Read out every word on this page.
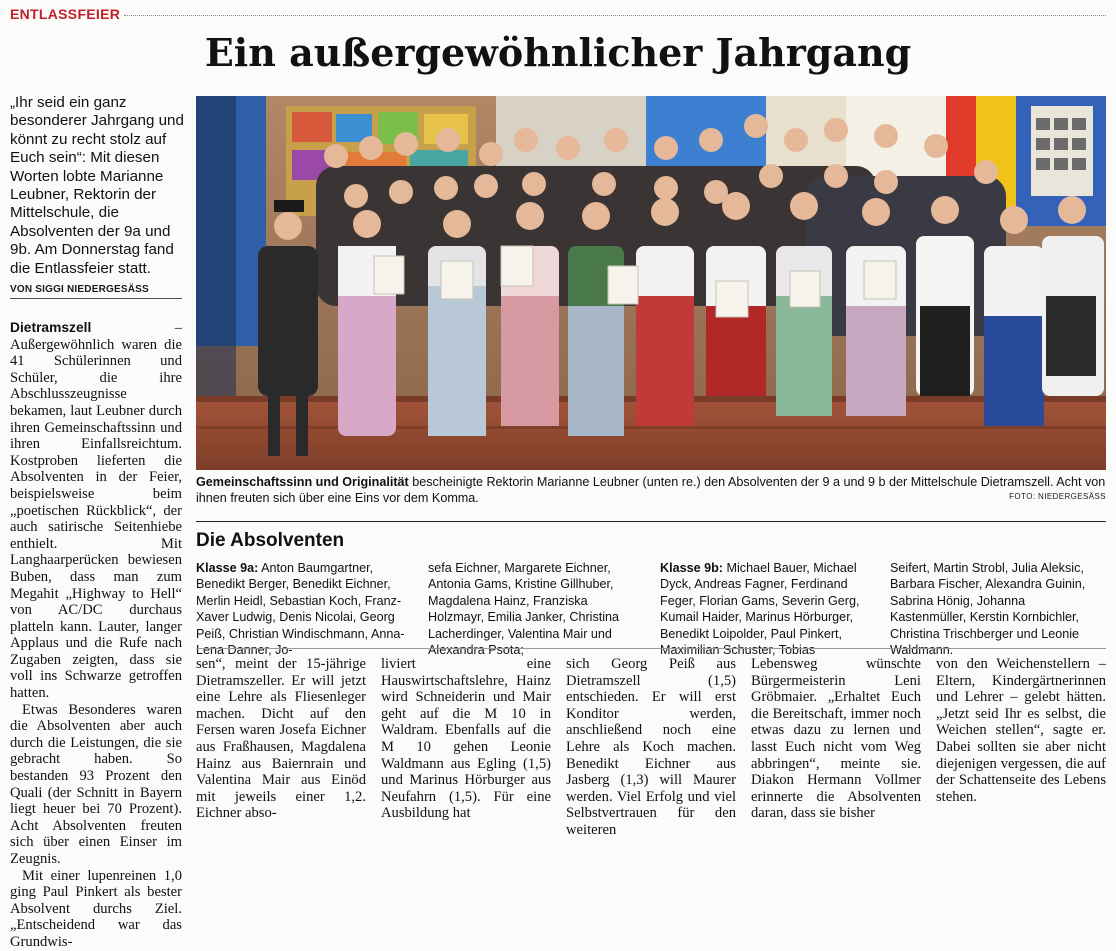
ENTLASSFEIER
Ein außergewöhnlicher Jahrgang
„Ihr seid ein ganz besonderer Jahrgang und könnt zu recht stolz auf Euch sein“: Mit diesen Worten lobte Marianne Leubner, Rektorin der Mittelschule, die Absolventen der 9a und 9b. Am Donnerstag fand die Entlassfeier statt.
VON SIGGI NIEDERGESÄSS

Dietramszell – Außergewöhnlich waren die 41 Schülerinnen und Schüler, die ihre Abschlusszeugnisse bekamen, laut Leubner durch ihren Gemeinschaftssinn und ihren Einfallsreichtum. Kostproben lieferten die Absolventen in der Feier, beispielsweise beim „poetischen Rückblick“, der auch satirische Seitenhiebe enthielt. Mit Langhaarperücken bewiesen Buben, dass man zum Megahit „Highway to Hell“ von AC/DC durchaus platteln kann. Lauter, langer Applaus und die Rufe nach Zugaben zeigten, dass sie voll ins Schwarze getroffen hatten.

Etwas Besonderes waren die Absolventen aber auch durch die Leistungen, die sie gebracht haben. So bestanden 93 Prozent den Quali (der Schnitt in Bayern liegt heuer bei 70 Prozent). Acht Absolventen freuten sich über einen Einser im Zeugnis.

Mit einer lupenreinen 1,0 ging Paul Pinkert als bester Absolvent durchs Ziel. „Entscheidend war das Grundwis-

Gemeinschaftssinn und Originalität bescheinigte Rektorin Marianne Leubner (unten re.) den Absolventen der 9 a und 9 b der Mittelschule Dietramszell. Acht von ihnen freuten sich über eine Eins vor dem Komma.	FOTO: NIEDERGESÄSS
Die Absolventen
Klasse 9a: Anton Baumgartner, Benedikt Berger, Benedikt Eichner, Merlin Heidl, Sebastian Koch, Franz-Xaver Ludwig, Denis Nicolai, Georg Peiß, Christian Windischmann, Anna-Lena Danner, Jo-
sefa Eichner, Margarete Eichner, Antonia Gams, Kristine Gillhuber, Magdalena Hainz, Franziska Holzmayr, Emilia Janker, Christina Lacherdinger, Valentina Mair und Alexandra Psota;
Klasse 9b: Michael Bauer, Michael Dyck, Andreas Fagner, Ferdinand Feger, Florian Gams, Severin Gerg, Kumail Haider, Marinus Hörburger, Benedikt Loipolder, Paul Pinkert, Maximilian Schuster, Tobias
Seifert, Martin Strobl, Julia Aleksic, Barbara Fischer, Alexandra Guinin, Sabrina Hönig, Johanna Kastenmüller, Kerstin Kornbichler, Christina Trischberger und Leonie Waldmann.
sen“, meint der 15-jährige Dietramszeller. Er will jetzt eine Lehre als Fliesenleger machen. Dicht auf den Fersen waren Josefa Eichner aus Fraßhausen, Magdalena Hainz aus Baiernrain und Valentina Mair aus Einöd mit jeweils einer 1,2. Eichner abso-
liviert eine Hauswirtschaftslehre, Hainz wird Schneiderin und Mair geht auf die M 10 in Waldram. Ebenfalls auf die M 10 gehen Leonie Waldmann aus Egling (1,5) und Marinus Hörburger aus Neufahrn (1,5). Für eine Ausbildung hat
sich Georg Peiß aus Dietramszell (1,5) entschieden. Er will erst Konditor werden, anschließend noch eine Lehre als Koch machen. Benedikt Eichner aus Jasberg (1,3) will Maurer werden. Viel Erfolg und viel Selbstvertrauen für den weiteren
Lebensweg wünschte Bürgermeisterin Leni Gröbmaier. „Erhaltet Euch die Bereitschaft, immer noch etwas dazu zu lernen und lasst Euch nicht vom Weg abbringen“, meinte sie. Diakon Hermann Vollmer erinnerte die Absolventen daran, dass sie bisher
von den Weichenstellern – Eltern, Kindergärtnerinnen und Lehrer – gelebt hätten. „Jetzt seid Ihr es selbst, die Weichen stellen“, sagte er. Dabei sollten sie aber nicht diejenigen vergessen, die auf der Schattenseite des Lebens stehen.
